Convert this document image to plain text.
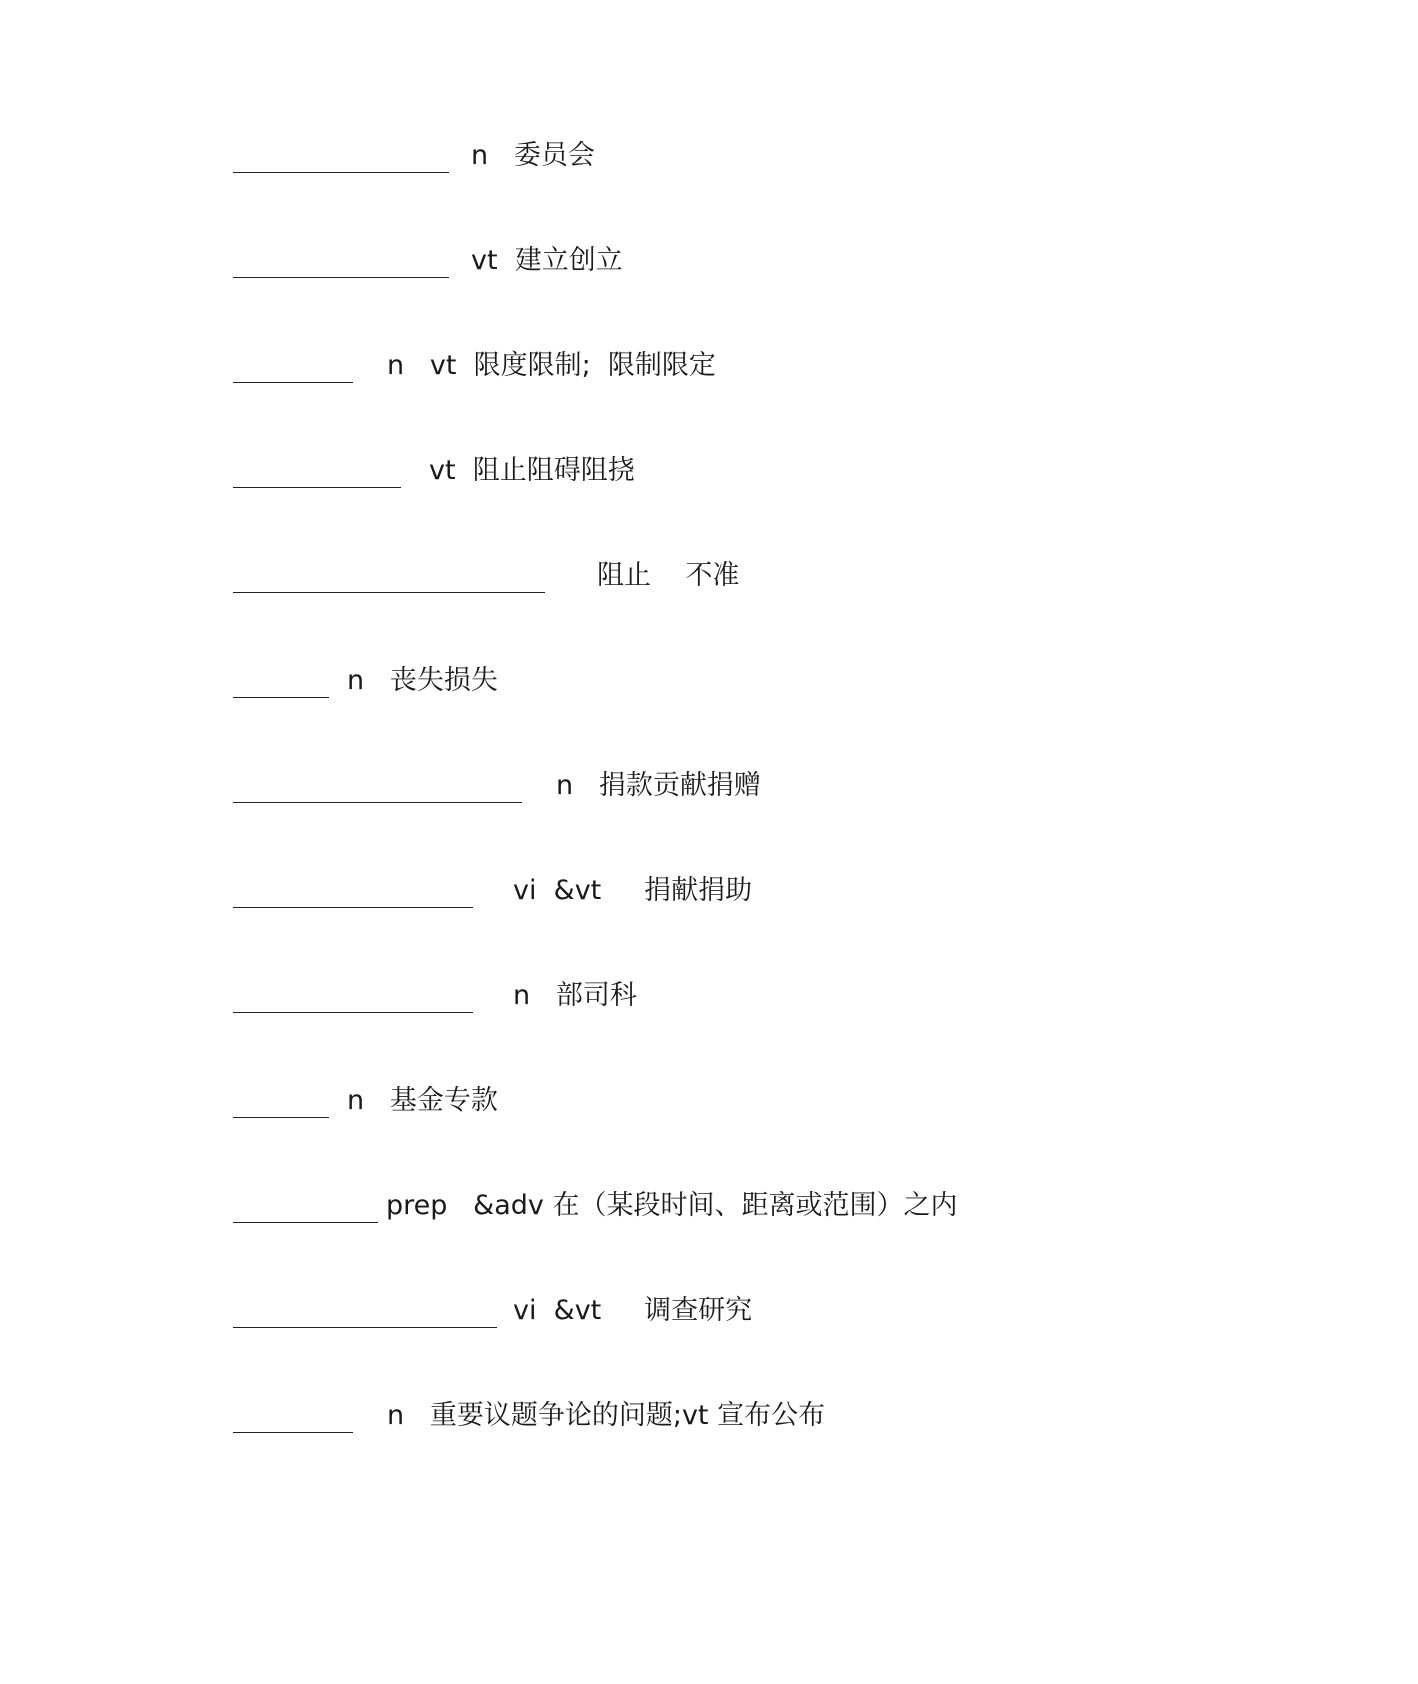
n   委员会
vt  建立创立
n   vt  限度限制;  限制限定
vt  阻止阻碍阻挠
阻止    不准
n   丧失损失
n   捐款贡献捐赠
vi  &vt     捐献捐助
n   部司科
n   基金专款
prep   &adv 在（某段时间、距离或范围）之内
vi  &vt     调查研究
n   重要议题争论的问题;vt 宣布公布
